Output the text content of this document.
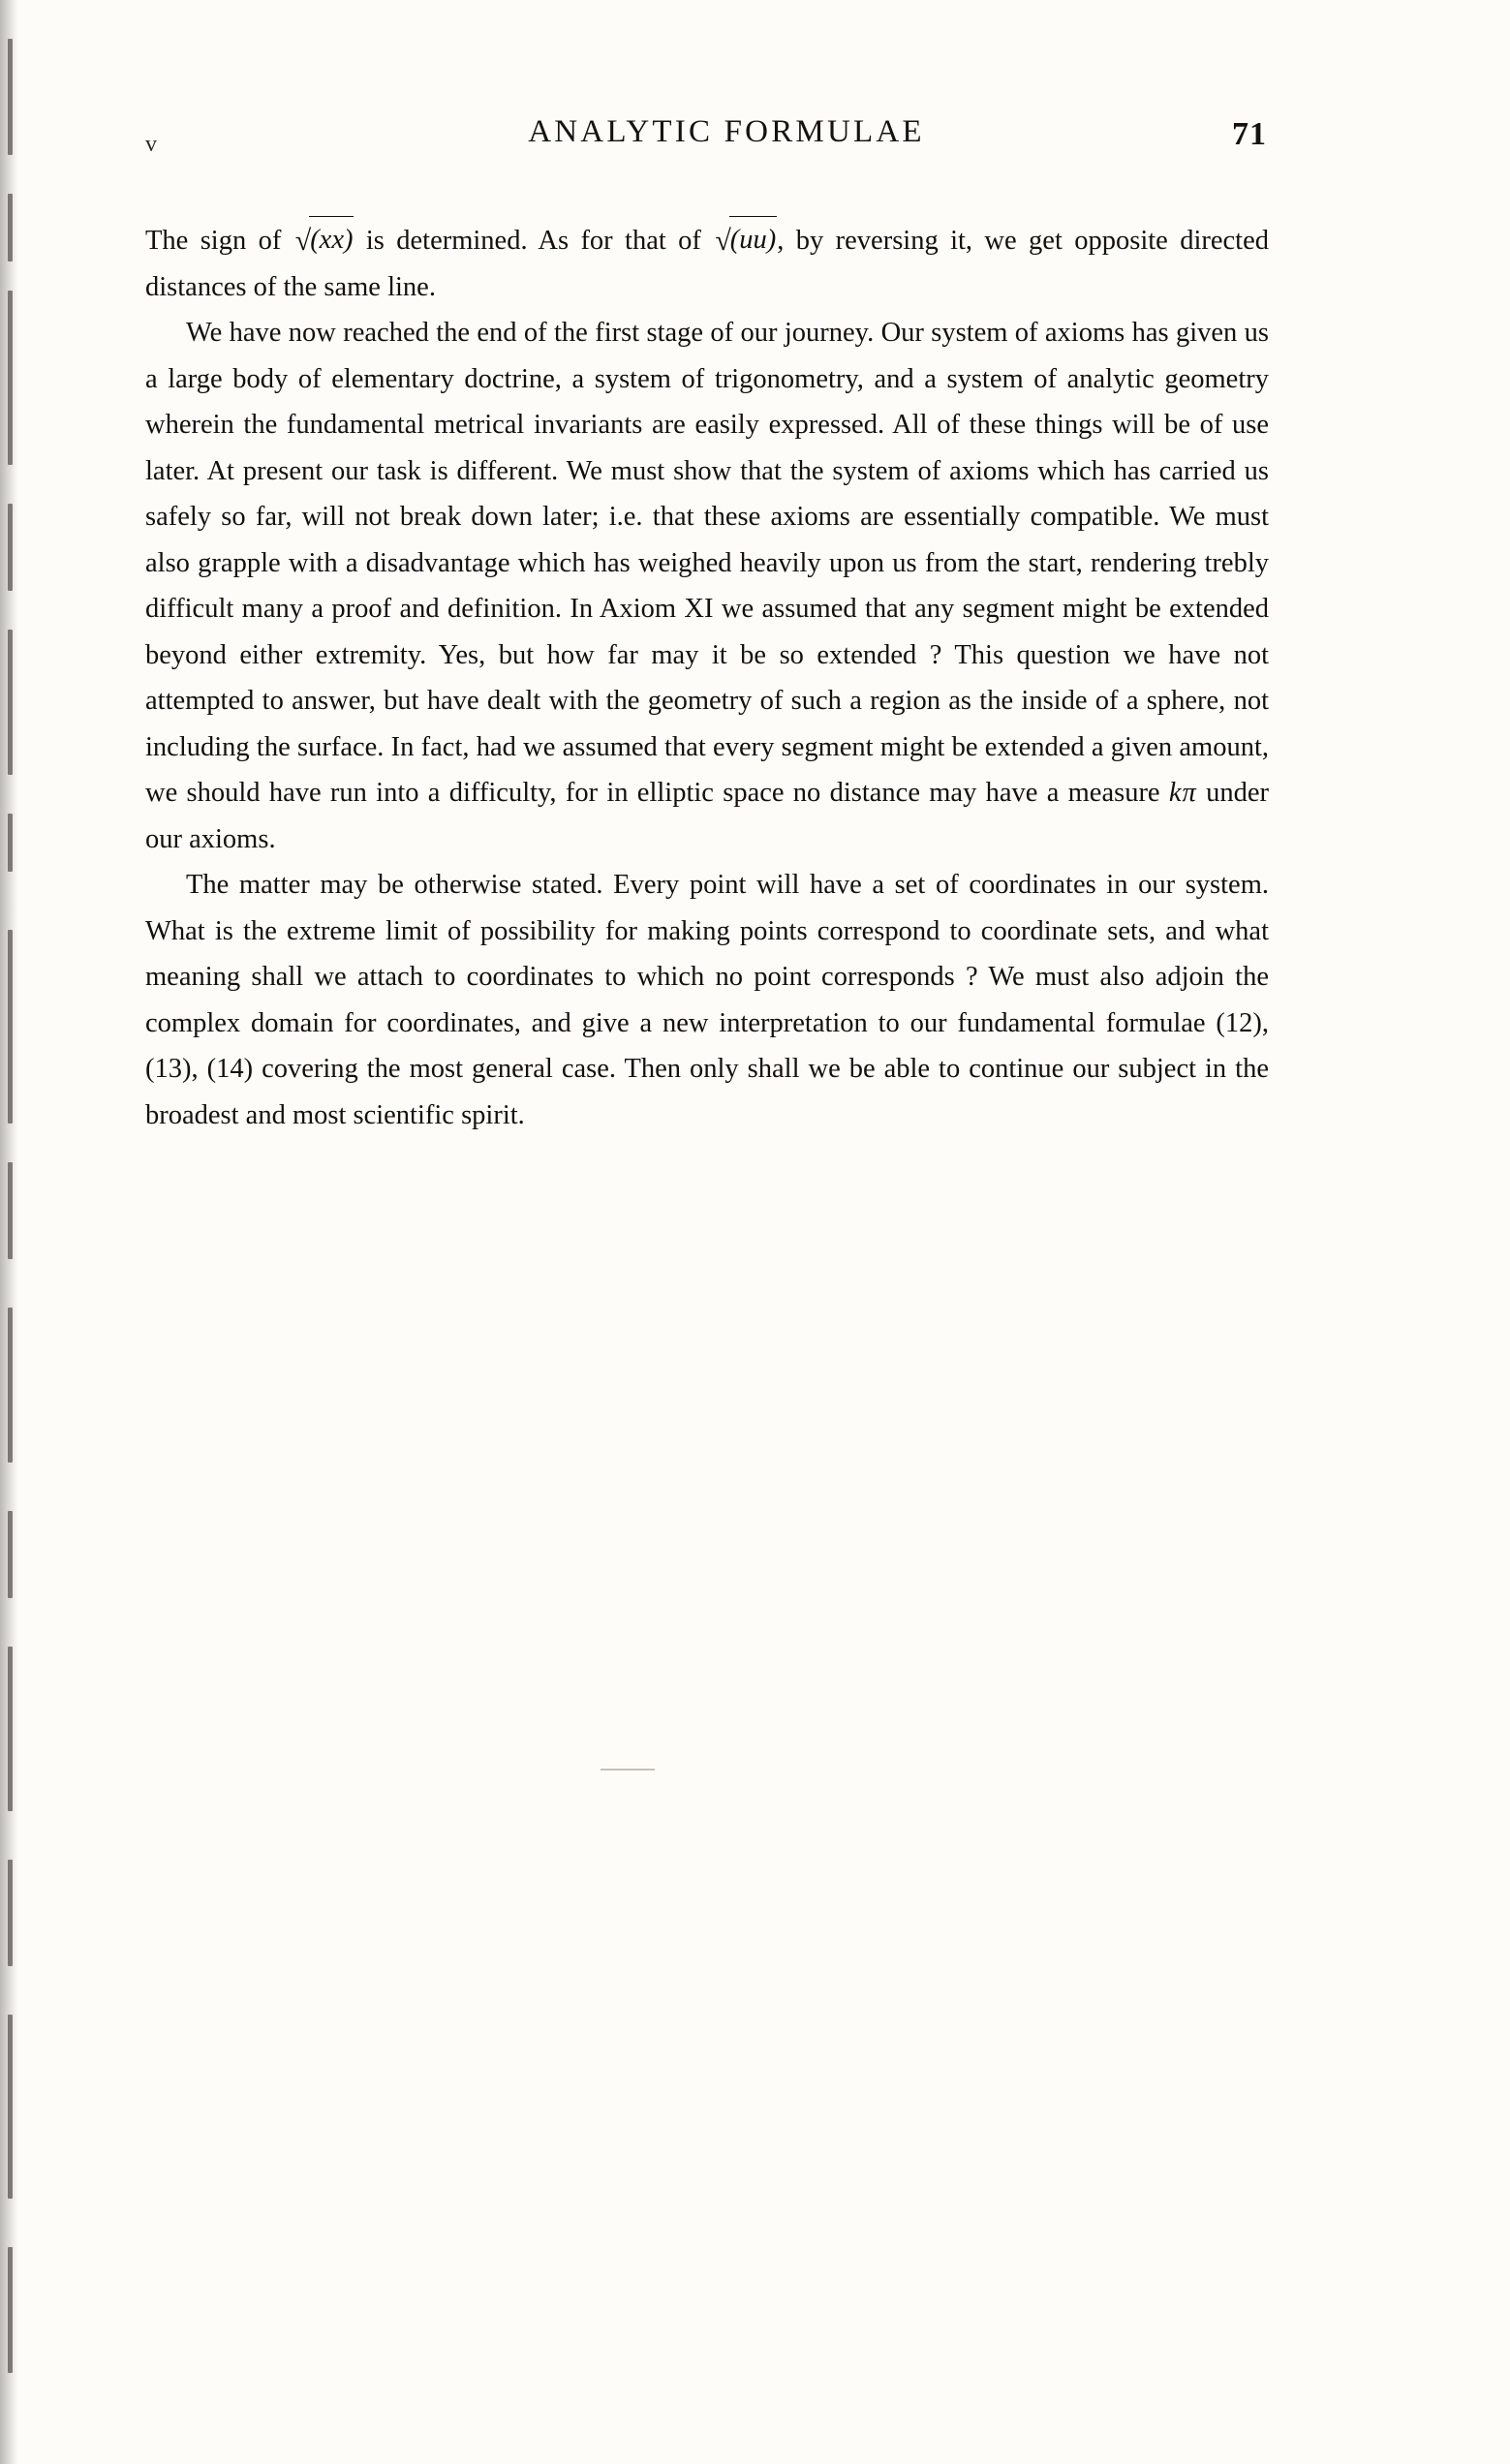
v	ANALYTIC FORMULAE	71

The sign of √(xx) is determined. As for that of √(uu), by reversing it, we get opposite directed distances of the same line.

We have now reached the end of the first stage of our journey. Our system of axioms has given us a large body of elementary doctrine, a system of trigonometry, and a system of analytic geometry wherein the fundamental metrical invariants are easily expressed. All of these things will be of use later. At present our task is different. We must show that the system of axioms which has carried us safely so far, will not break down later; i.e. that these axioms are essentially compatible. We must also grapple with a disadvantage which has weighed heavily upon us from the start, rendering trebly difficult many a proof and definition. In Axiom XI we assumed that any segment might be extended beyond either extremity. Yes, but how far may it be so extended ? This question we have not attempted to answer, but have dealt with the geometry of such a region as the inside of a sphere, not including the surface. In fact, had we assumed that every segment might be extended a given amount, we should have run into a difficulty, for in elliptic space no distance may have a measure kπ under our axioms.

The matter may be otherwise stated. Every point will have a set of coordinates in our system. What is the extreme limit of possibility for making points correspond to coordinate sets, and what meaning shall we attach to coordinates to which no point corresponds ? We must also adjoin the complex domain for coordinates, and give a new interpretation to our fundamental formulae (12), (13), (14) covering the most general case. Then only shall we be able to continue our subject in the broadest and most scientific spirit.
